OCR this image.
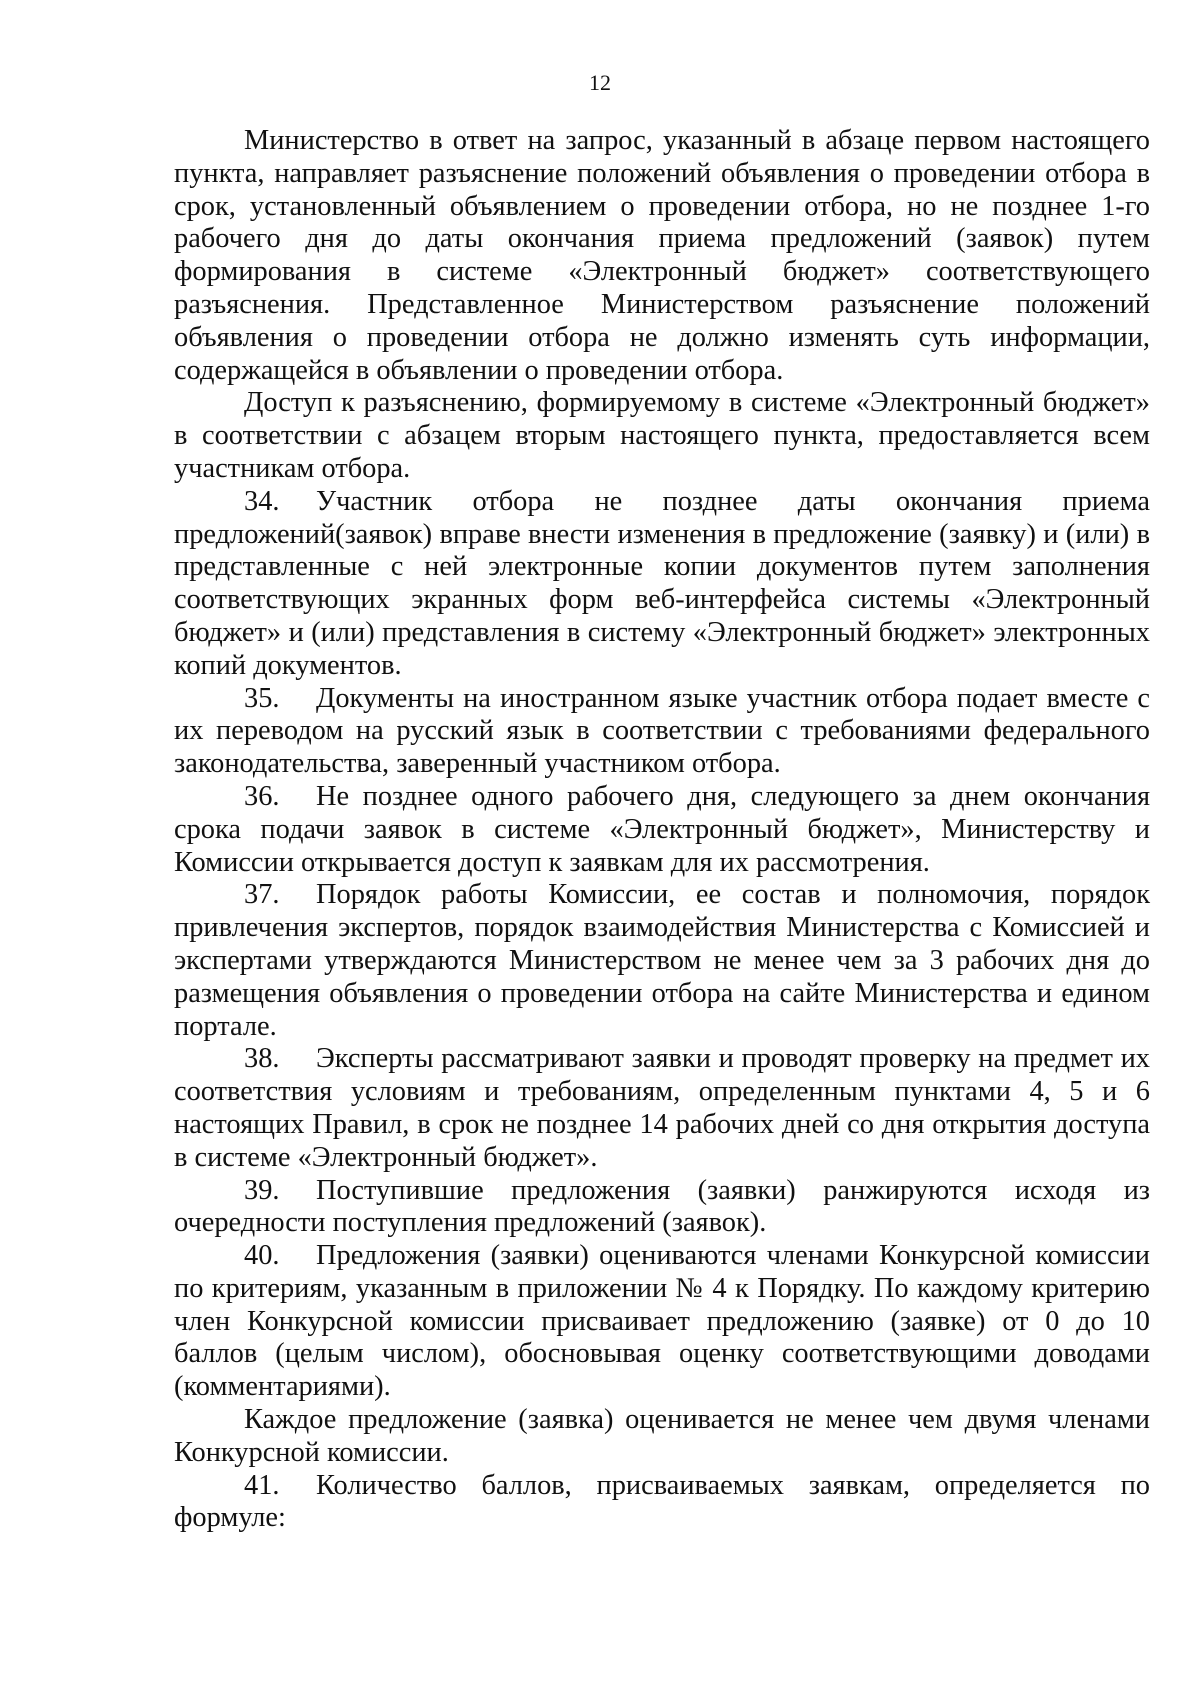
12

Министерство в ответ на запрос, указанный в абзаце первом настоящего пункта, направляет разъяснение положений объявления о проведении отбора в срок, установленный объявлением о проведении отбора, но не позднее 1-го рабочего дня до даты окончания приема предложений (заявок) путем формирования в системе «Электронный бюджет» соответствующего разъяснения. Представленное Министерством разъяснение положений объявления о проведении отбора не должно изменять суть информации, содержащейся в объявлении о проведении отбора.

Доступ к разъяснению, формируемому в системе «Электронный бюджет» в соответствии с абзацем вторым настоящего пункта, предоставляется всем участникам отбора.

34. Участник отбора не позднее даты окончания приема предложений(заявок) вправе внести изменения в предложение (заявку) и (или) в представленные с ней электронные копии документов путем заполнения соответствующих экранных форм веб-интерфейса системы «Электронный бюджет» и (или) представления в систему «Электронный бюджет» электронных копий документов.

35. Документы на иностранном языке участник отбора подает вместе с их переводом на русский язык в соответствии с требованиями федерального законодательства, заверенный участником отбора.

36. Не позднее одного рабочего дня, следующего за днем окончания срока подачи заявок в системе «Электронный бюджет», Министерству и Комиссии открывается доступ к заявкам для их рассмотрения.

37. Порядок работы Комиссии, ее состав и полномочия, порядок привлечения экспертов, порядок взаимодействия Министерства с Комиссией и экспертами утверждаются Министерством не менее чем за 3 рабочих дня до размещения объявления о проведении отбора на сайте Министерства и едином портале.

38. Эксперты рассматривают заявки и проводят проверку на предмет их соответствия условиям и требованиям, определенным пунктами 4, 5 и 6 настоящих Правил, в срок не позднее 14 рабочих дней со дня открытия доступа в системе «Электронный бюджет».

39. Поступившие предложения (заявки) ранжируются исходя из очередности поступления предложений (заявок).

40. Предложения (заявки) оцениваются членами Конкурсной комиссии по критериям, указанным в приложении № 4 к Порядку. По каждому критерию член Конкурсной комиссии присваивает предложению (заявке) от 0 до 10 баллов (целым числом), обосновывая оценку соответствующими доводами (комментариями).

Каждое предложение (заявка) оценивается не менее чем двумя членами Конкурсной комиссии.

41. Количество баллов, присваиваемых заявкам, определяется по формуле:
